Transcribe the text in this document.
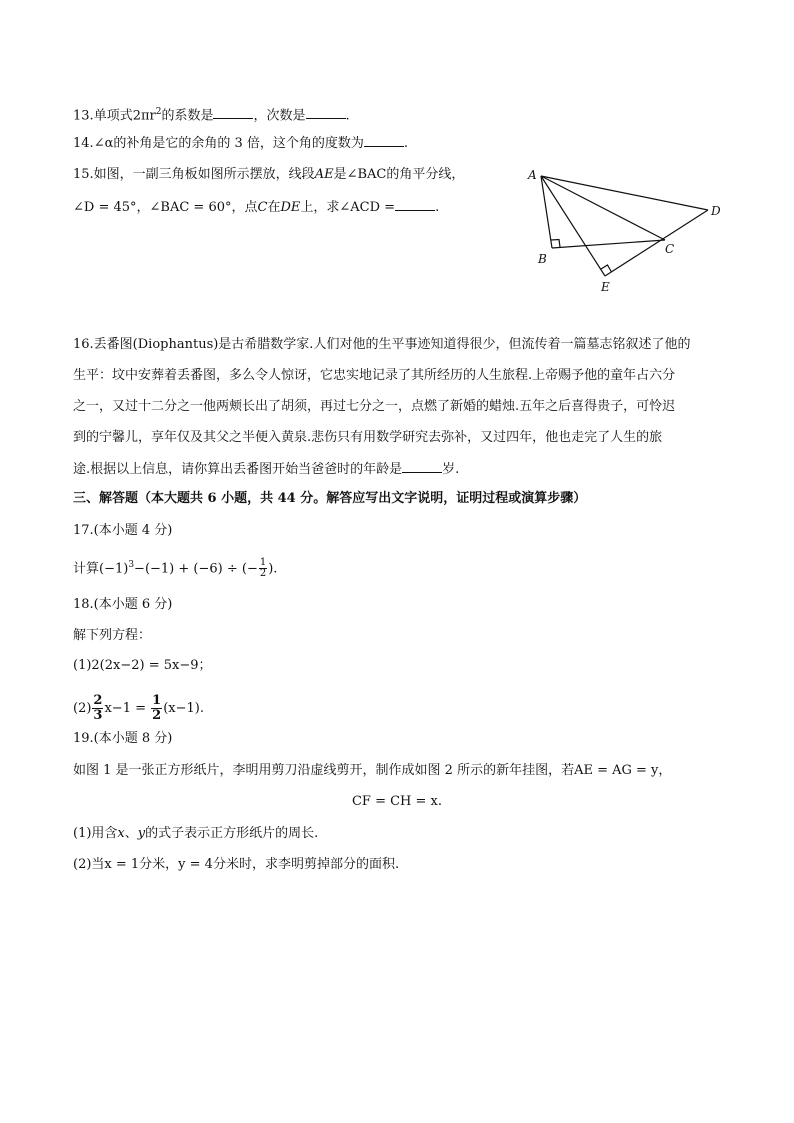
13.单项式$2\pi r^2$的系数是	，次数是	.
14.∠α的补角是它的余角的 3 倍，这个角的度数为	.
15.如图，一副三角板如图所示摆放，线段AE是∠BAC的角平分线，
∠D = 45°，∠BAC = 60°，点C在DE上，求∠ACD =	.
A
B
C
D
E
16.丢番图(Diophantus)是古希腊数学家.人们对他的生平事迹知道得很少，但流传着一篇墓志铭叙述了他的
生平：坟中安葬着丢番图，多么令人惊讶，它忠实地记录了其所经历的人生旅程.上帝赐予他的童年占六分
之一，又过十二分之一他两颊长出了胡须，再过七分之一，点燃了新婚的蜡烛.五年之后喜得贵子，可怜迟
到的宁馨儿，享年仅及其父之半便入黄泉.悲伤只有用数学研究去弥补，又过四年，他也走完了人生的旅
途.根据以上信息，请你算出丢番图开始当爸爸时的年龄是	岁.
三、解答题（本大题共 6 小题，共 44 分。解答应写出文字说明，证明过程或演算步骤）
17.(本小题 4 分)
计算$(-1)^3-(-1) + (-6)$ ÷ (− $\frac{1}{2}$ ).
18.(本小题 6 分)
解下列方程：
(1)2(2x−2) = 5x−9；
$(2) \frac{2}{3} x-1 = \frac{1}{2} (x-1)$.
19.(本小题 8 分)
如图 1 是一张正方形纸片，李明用剪刀沿虚线剪开，制作成如图 2 所示的新年挂图，若AE = AG = y，
CF = CH = x.
(1)用含x、y的式子表示正方形纸片的周长.
(2)当x = 1分米，y = 4分米时，求李明剪掉部分的面积.
